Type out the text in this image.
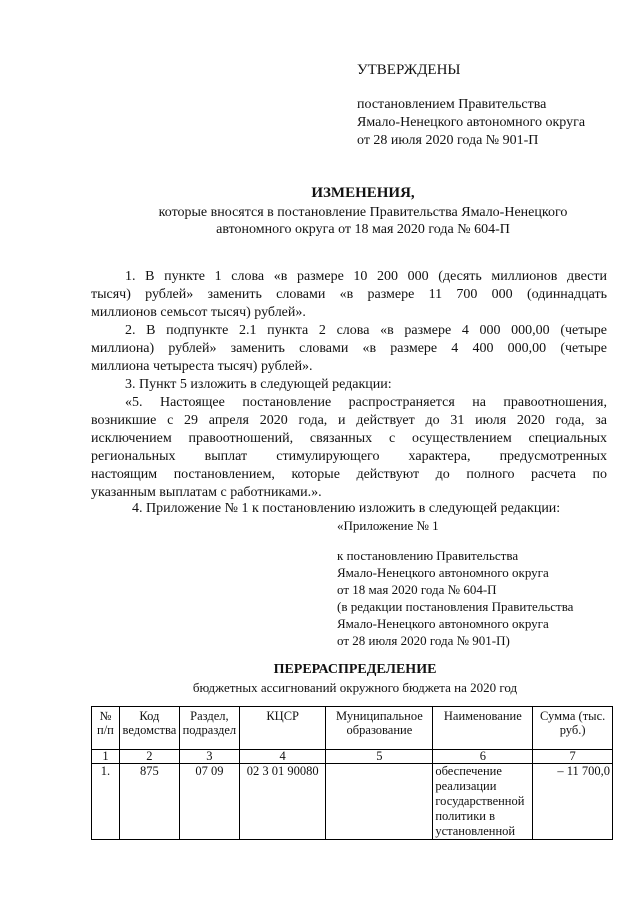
УТВЕРЖДЕНЫ
постановлением Правительства
Ямало-Ненецкого автономного округа
от 28 июля 2020 года № 901-П
ИЗМЕНЕНИЯ,
которые вносятся в постановление Правительства Ямало-Ненецкого
автономного округа от 18 мая 2020 года № 604-П
1. В пункте 1 слова «в размере 10 200 000 (десять миллионов двести
тысяч) рублей» заменить словами «в размере 11 700 000 (одиннадцать
миллионов семьсот тысяч) рублей».
2. В подпункте 2.1 пункта 2 слова «в размере 4 000 000,00 (четыре
миллиона) рублей» заменить словами «в размере 4 400 000,00 (четыре
миллиона четыреста тысяч) рублей».
3. Пункт 5 изложить в следующей редакции:
«5. Настоящее постановление распространяется на правоотношения,
возникшие с 29 апреля 2020 года, и действует до 31 июля 2020 года, за
исключением правоотношений, связанных с осуществлением специальных
региональных выплат стимулирующего характера, предусмотренных
настоящим постановлением, которые действуют до полного расчета по
указанным выплатам с работниками.».
4. Приложение № 1 к постановлению изложить в следующей редакции:
«Приложение № 1
к постановлению Правительства
Ямало-Ненецкого автономного округа
от 18 мая 2020 года № 604-П
(в редакции постановления Правительства
Ямало-Ненецкого автономного округа
от 28 июля 2020 года № 901-П)
ПЕРЕРАСПРЕДЕЛЕНИЕ
бюджетных ассигнований окружного бюджета на 2020 год
№ п/п	Код ведомства	Раздел, подраздел	КЦСР	Муниципальное образование	Наименование	Сумма (тыс. руб.)
1	2	3	4	5	6	7
1.	875	07 09	02 3 01 90080		обеспечение реализации государственной политики в установленной	– 11 700,0
